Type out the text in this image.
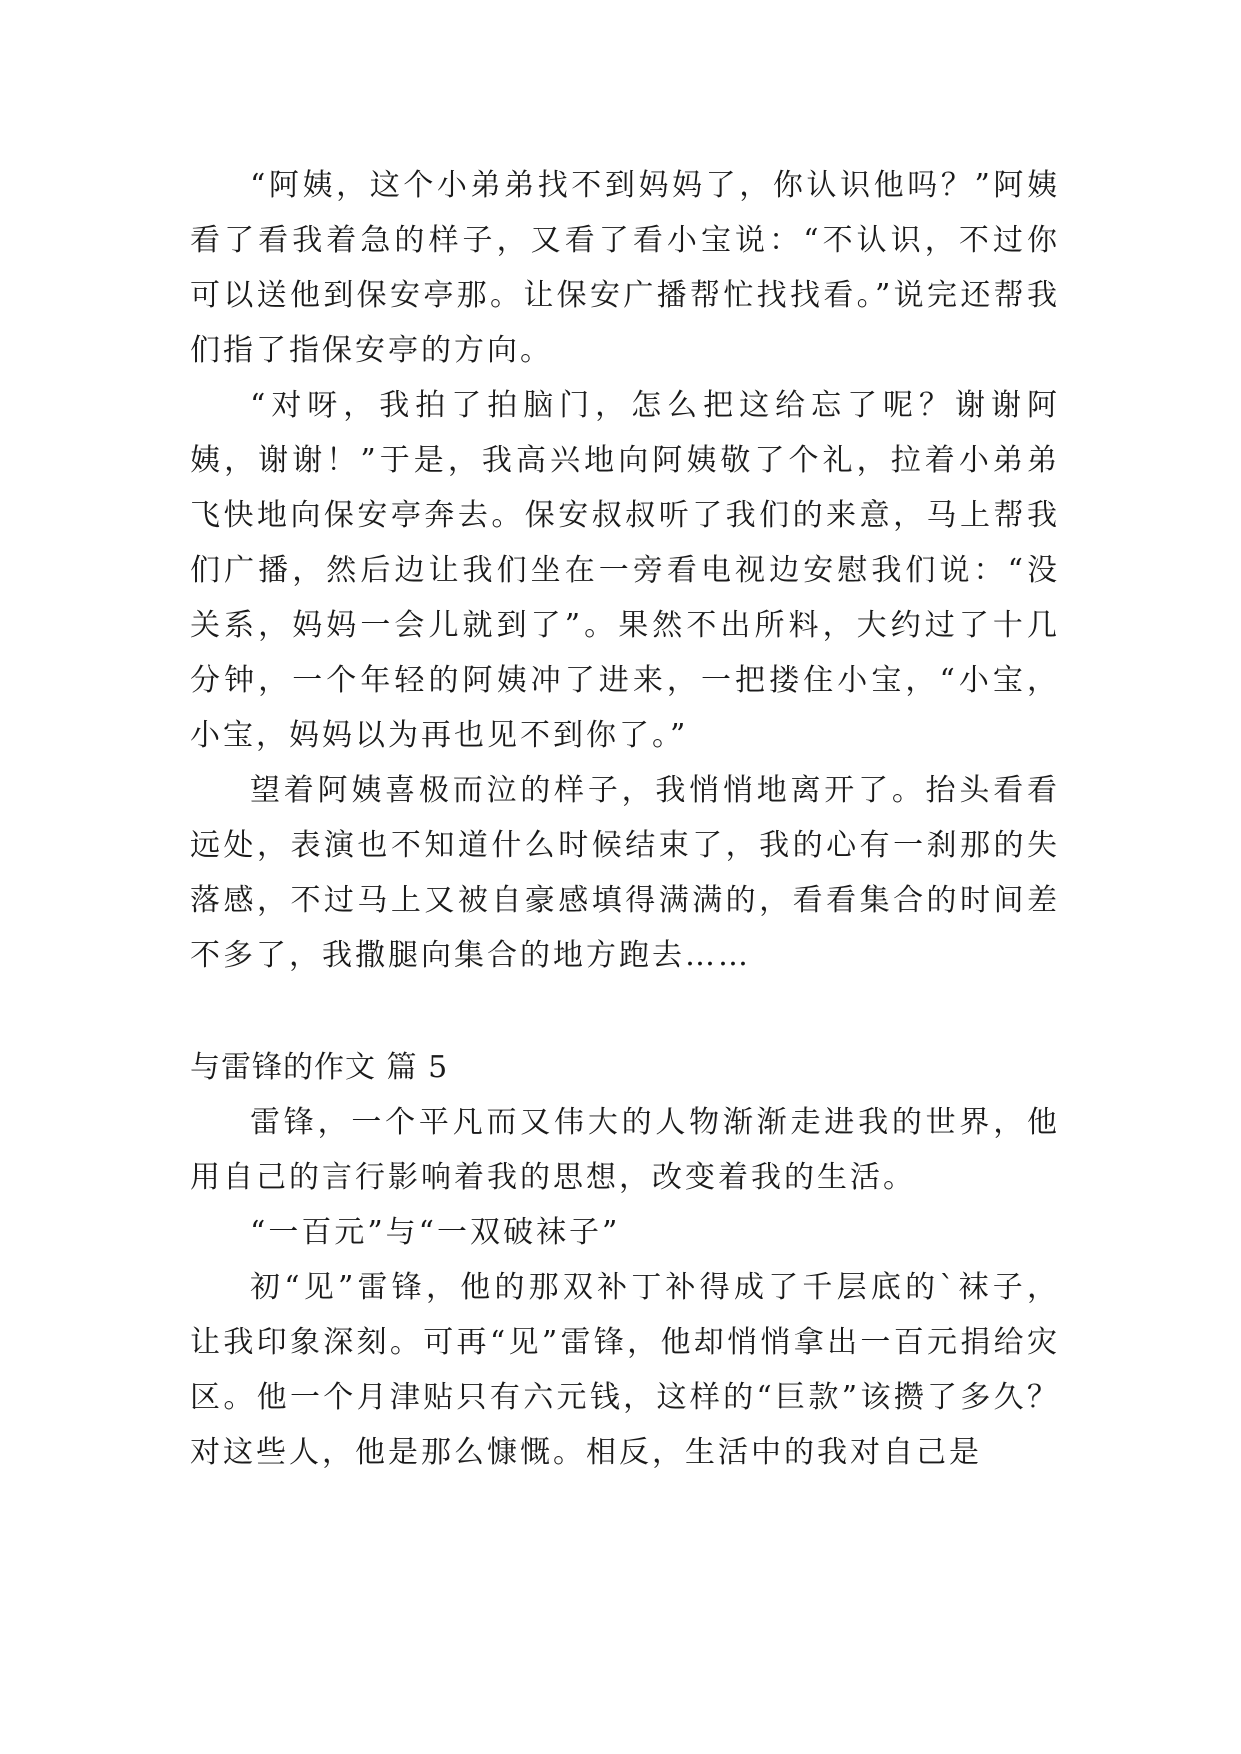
“阿姨，这个小弟弟找不到妈妈了，你认识他吗？”阿姨看了看我着急的样子，又看了看小宝说：“不认识，不过你可以送他到保安亭那。让保安广播帮忙找找看。”说完还帮我们指了指保安亭的方向。

“对呀，我拍了拍脑门，怎么把这给忘了呢？谢谢阿姨，谢谢！”于是，我高兴地向阿姨敬了个礼，拉着小弟弟飞快地向保安亭奔去。保安叔叔听了我们的来意，马上帮我们广播，然后边让我们坐在一旁看电视边安慰我们说：“没关系，妈妈一会儿就到了”。果然不出所料，大约过了十几分钟，一个年轻的阿姨冲了进来，一把搂住小宝，“小宝，小宝，妈妈以为再也见不到你了。”

望着阿姨喜极而泣的样子，我悄悄地离开了。抬头看看远处，表演也不知道什么时候结束了，我的心有一刹那的失落感，不过马上又被自豪感填得满满的，看看集合的时间差不多了，我撒腿向集合的地方跑去……

与雷锋的作文 篇 5

雷锋，一个平凡而又伟大的人物渐渐走进我的世界，他用自己的言行影响着我的思想，改变着我的生活。

“一百元”与“一双破袜子”

初“见”雷锋，他的那双补丁补得成了千层底的`袜子，让我印象深刻。可再“见”雷锋，他却悄悄拿出一百元捐给灾区。他一个月津贴只有六元钱，这样的“巨款”该攒了多久？对这些人，他是那么慷慨。相反，生活中的我对自己是
